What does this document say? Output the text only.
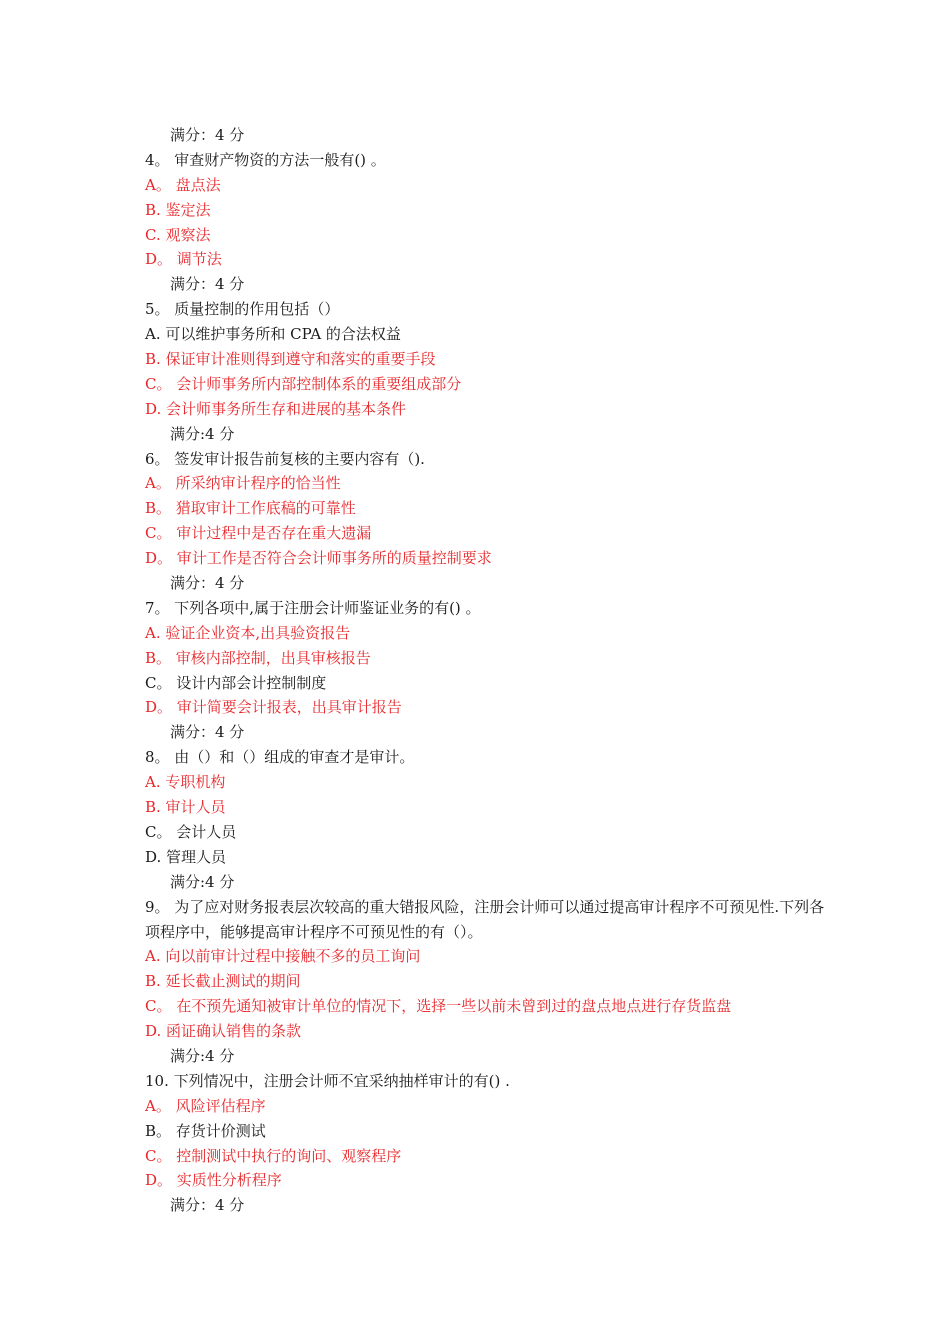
满分：4 分
4。 审查财产物资的方法一般有() 。
A。 盘点法
B. 鉴定法
C. 观察法
D。 调节法
满分：4 分
5。 质量控制的作用包括（）
A. 可以维护事务所和 CPA 的合法权益
B. 保证审计准则得到遵守和落实的重要手段
C。 会计师事务所内部控制体系的重要组成部分
D. 会计师事务所生存和进展的基本条件
满分:4 分
6。 签发审计报告前复核的主要内容有（).
A。 所采纳审计程序的恰当性
B。 猎取审计工作底稿的可靠性
C。 审计过程中是否存在重大遗漏
D。 审计工作是否符合会计师事务所的质量控制要求
满分：4 分
7。 下列各项中,属于注册会计师鉴证业务的有() 。
A. 验证企业资本,出具验资报告
B。 审核内部控制，出具审核报告
C。 设计内部会计控制制度
D。 审计简要会计报表，出具审计报告
满分：4 分
8。 由（）和（）组成的审查才是审计。
A. 专职机构
B. 审计人员
C。 会计人员
D. 管理人员
满分:4 分
9。 为了应对财务报表层次较高的重大错报风险，注册会计师可以通过提高审计程序不可预见性.下列各项程序中，能够提高审计程序不可预见性的有（）。
A. 向以前审计过程中接触不多的员工询问
B. 延长截止测试的期间
C。 在不预先通知被审计单位的情况下，选择一些以前未曾到过的盘点地点进行存货监盘
D. 函证确认销售的条款
满分:4 分
10. 下列情况中，注册会计师不宜采纳抽样审计的有() .
A。 风险评估程序
B。 存货计价测试
C。 控制测试中执行的询问、观察程序
D。 实质性分析程序
满分：4 分
